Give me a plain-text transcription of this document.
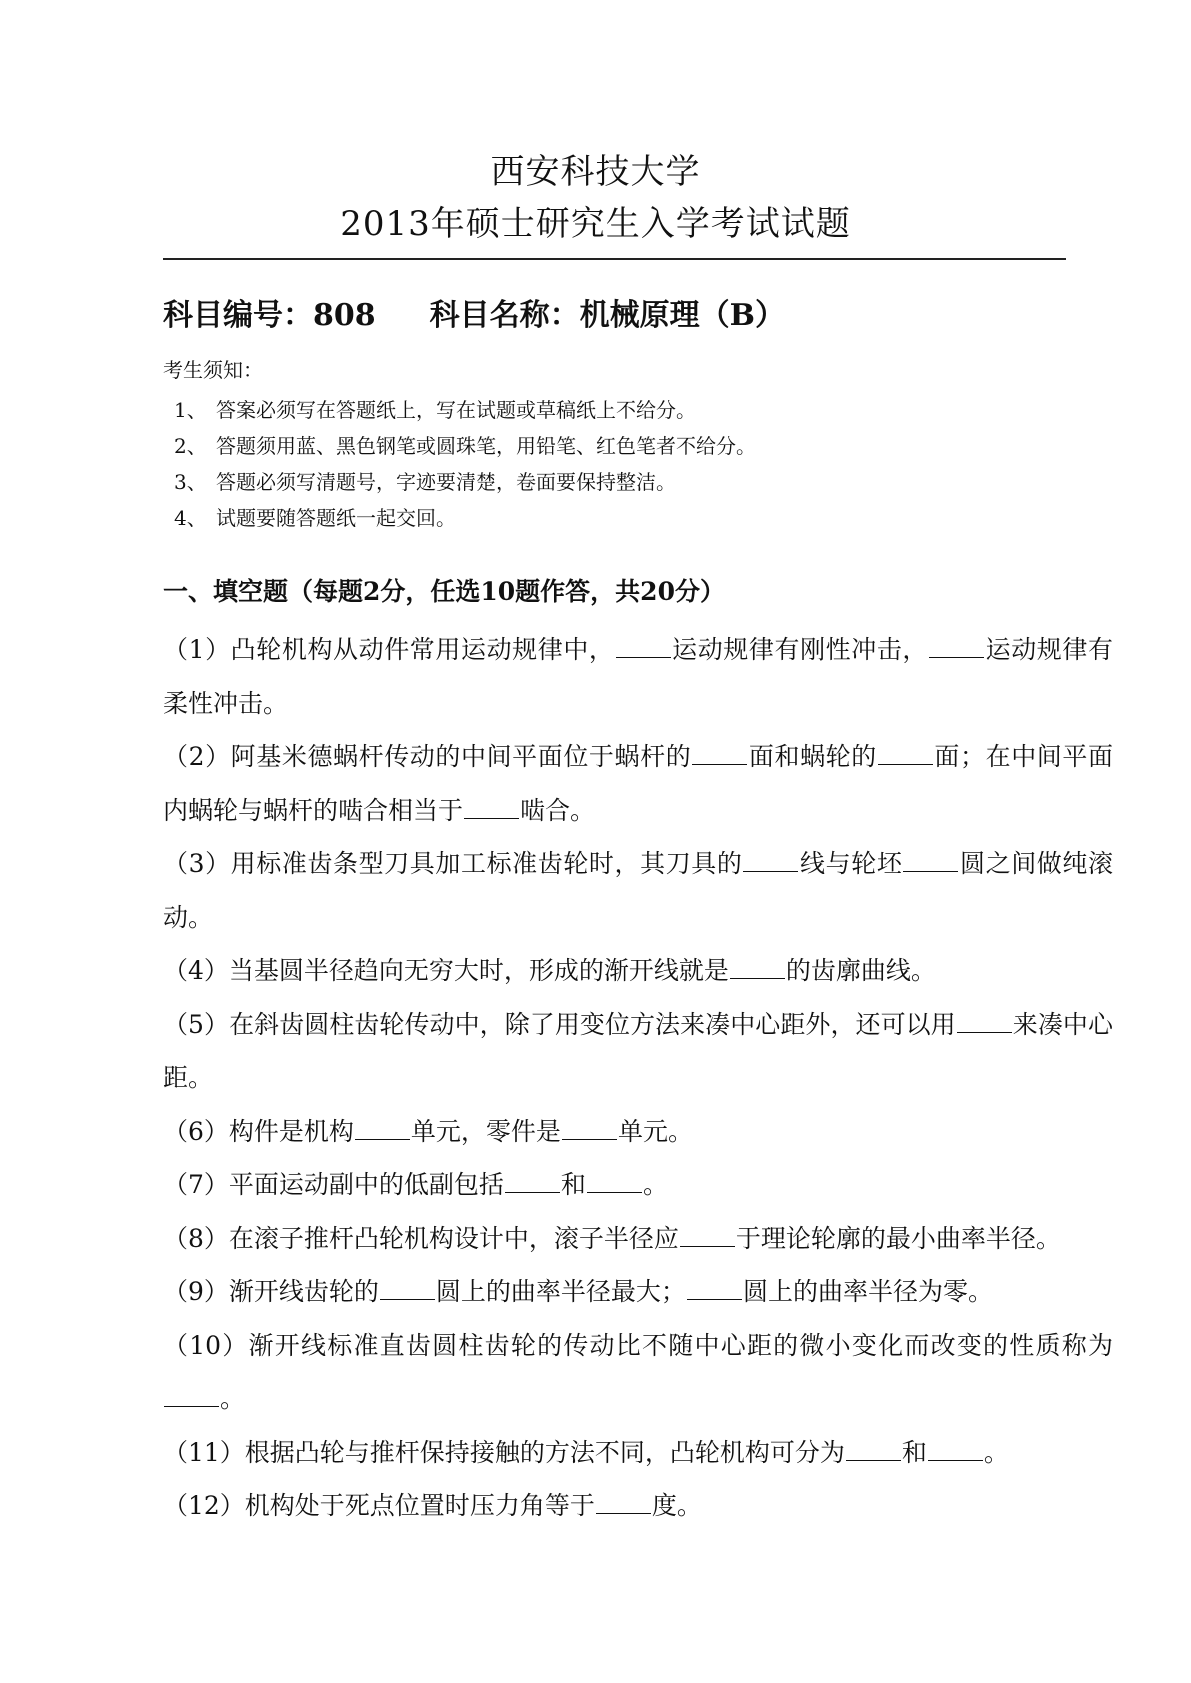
西安科技大学
2013年硕士研究生入学考试试题
科目编号：808 科目名称：机械原理（B）
考生须知：
1、 答案必须写在答题纸上，写在试题或草稿纸上不给分。
2、 答题须用蓝、黑色钢笔或圆珠笔，用铅笔、红色笔者不给分。
3、 答题必须写清题号，字迹要清楚，卷面要保持整洁。
4、 试题要随答题纸一起交回。
一、填空题（每题2分，任选10题作答，共20分）

（1）凸轮机构从动件常用运动规律中， 运动规律有刚性冲击， 运动规律有柔性冲击。

（2）阿基米德蜗杆传动的中间平面位于蜗杆的 面和蜗轮的 面；在中间平面内蜗轮与蜗杆的啮合相当于 啮合。

（3）用标准齿条型刀具加工标准齿轮时，其刀具的 线与轮坯 圆之间做纯滚动。

（4）当基圆半径趋向无穷大时，形成的渐开线就是 的齿廓曲线。

（5）在斜齿圆柱齿轮传动中，除了用变位方法来凑中心距外，还可以用 来凑中心距。

（6）构件是机构 单元，零件是 单元。

（7）平面运动副中的低副包括 和 。

（8）在滚子推杆凸轮机构设计中，滚子半径应 于理论轮廓的最小曲率半径。

（9）渐开线齿轮的 圆上的曲率半径最大； 圆上的曲率半径为零。

（10）渐开线标准直齿圆柱齿轮的传动比不随中心距的微小变化而改变的性质称为。

（11）根据凸轮与推杆保持接触的方法不同，凸轮机构可分为 和 。

（12）机构处于死点位置时压力角等于 度。
